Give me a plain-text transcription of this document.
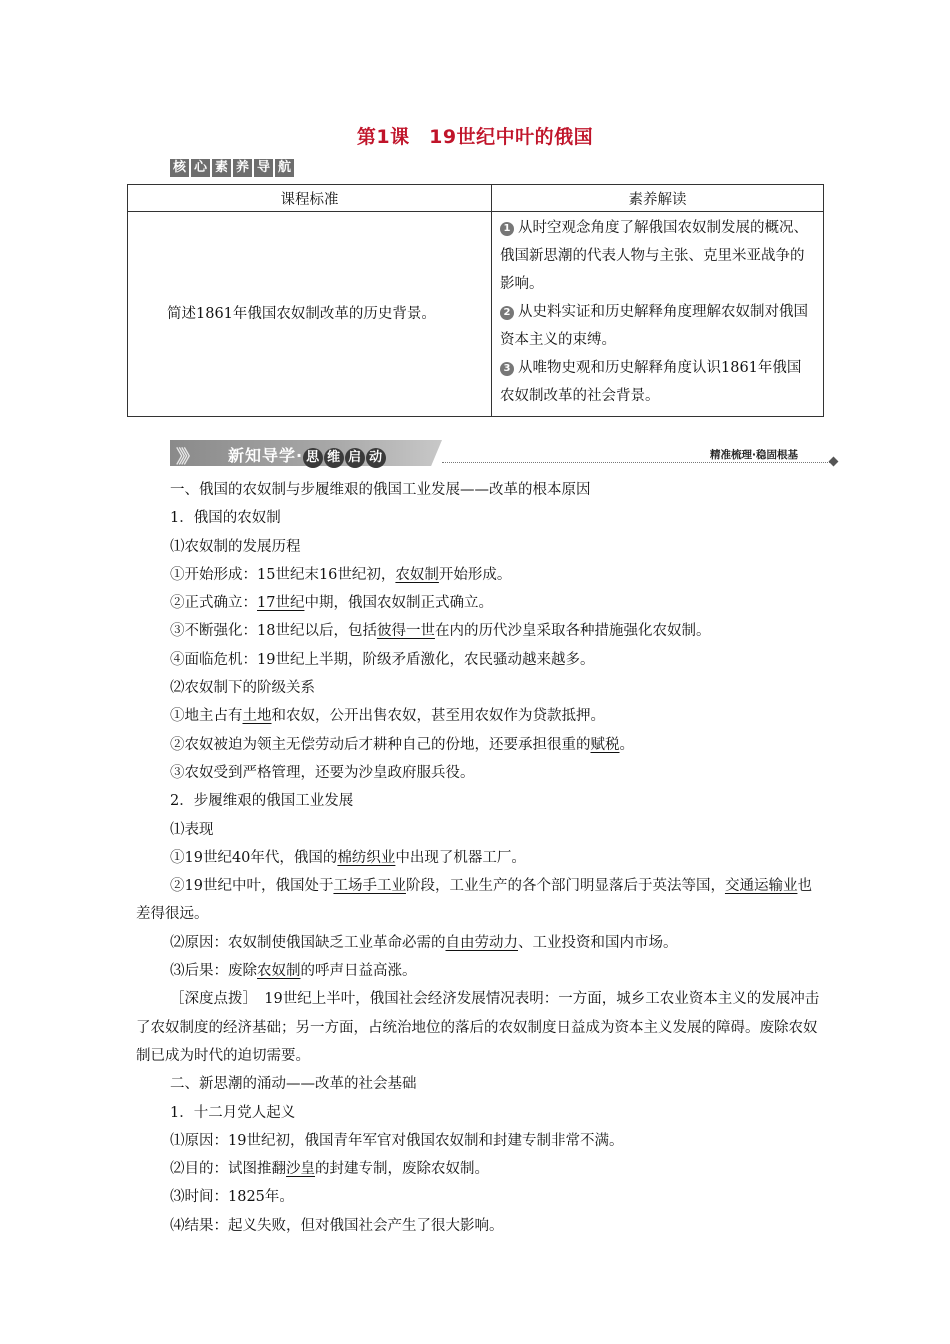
第1课　19世纪中叶的俄国
核 心 素 养 导 航
课程标准	素养解读

简述1861年俄国农奴制改革的历史背景。	1 从时空观念角度了解俄国农奴制发展的概况、俄国新思潮的代表人物与主张、克里米亚战争的影响。

2 从史料实证和历史解释角度理解农奴制对俄国资本主义的束缚。

3 从唯物史观和历史解释角度认识1861年俄国农奴制改革的社会背景。

》》 新知导学· 思 维 启 动	精准梳理·稳固根基

一、俄国的农奴制与步履维艰的俄国工业发展——改革的根本原因

1．俄国的农奴制

⑴农奴制的发展历程

①开始形成：15世纪末16世纪初，农奴制开始形成。

②正式确立：17世纪中期，俄国农奴制正式确立。

③不断强化：18世纪以后，包括彼得一世在内的历代沙皇采取各种措施强化农奴制。

④面临危机：19世纪上半期，阶级矛盾激化，农民骚动越来越多。

⑵农奴制下的阶级关系

①地主占有土地和农奴，公开出售农奴，甚至用农奴作为贷款抵押。

②农奴被迫为领主无偿劳动后才耕种自己的份地，还要承担很重的赋税。

③农奴受到严格管理，还要为沙皇政府服兵役。

2．步履维艰的俄国工业发展

⑴表现

①19世纪40年代，俄国的棉纺织业中出现了机器工厂。

②19世纪中叶，俄国处于工场手工业阶段，工业生产的各个部门明显落后于英法等国，交通运输业也差得很远。

⑵原因：农奴制使俄国缺乏工业革命必需的自由劳动力、工业投资和国内市场。

⑶后果：废除农奴制的呼声日益高涨。

［深度点拨］　19世纪上半叶，俄国社会经济发展情况表明：一方面，城乡工农业资本主义的发展冲击了农奴制度的经济基础；另一方面，占统治地位的落后的农奴制度日益成为资本主义发展的障碍。废除农奴制已成为时代的迫切需要。

二、新思潮的涌动——改革的社会基础

1．十二月党人起义

⑴原因：19世纪初，俄国青年军官对俄国农奴制和封建专制非常不满。

⑵目的：试图推翻沙皇的封建专制，废除农奴制。

⑶时间：1825年。

⑷结果：起义失败，但对俄国社会产生了很大影响。
